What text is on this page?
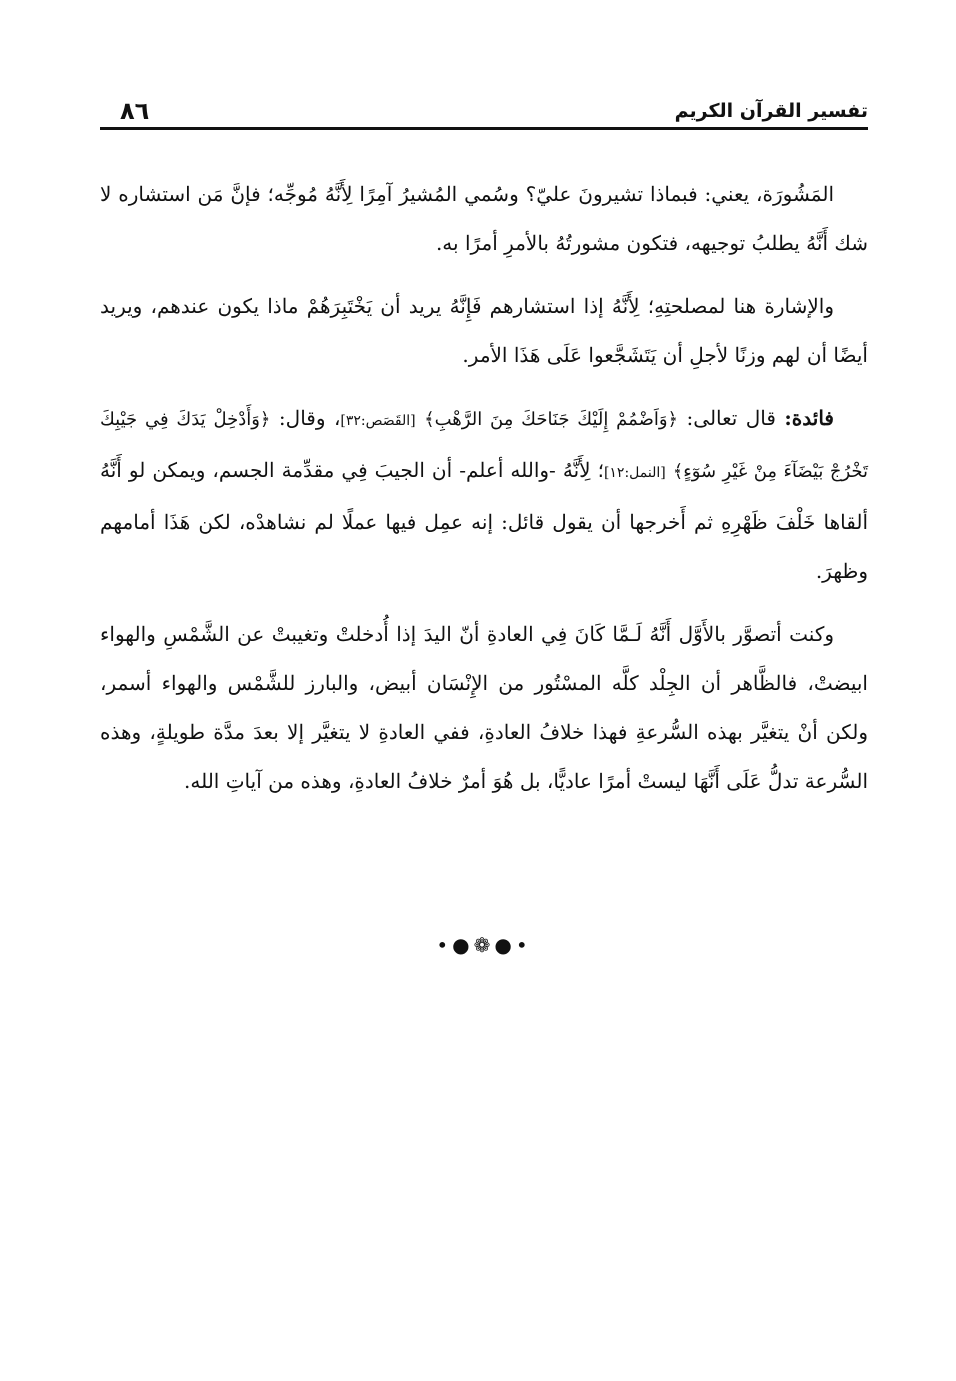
٨٦	تفسير القرآن الكريم

المَشُورَة، يعني: فبماذا تشيرونَ عليّ؟ وسُمي المُشيرُ آمِرًا لِأَنَّهُ مُوجِّه؛ فإنَّ مَن استشاره لا شك أَنَّهُ يطلبُ توجيهه، فتكون مشورتُهُ بالأمرِ أمرًا به.

والإشارة هنا لمصلحتِهِ؛ لِأَنَّهُ إذا استشارهم فَإِنَّهُ يريد أن يَخْتَبِرَهُمْ ماذا يكون عندهم، ويريد أيضًا أن لهم وزنًا لأجلِ أن يَتَشَجَّعوا عَلَى هَذَا الأمر.

فائدة: قال تعالى: ﴿وَاَضْمُمْ إِلَيْكَ جَنَاحَكَ مِنَ الرَّهْبِ﴾ [القَصَص:٣٢]، وقال: ﴿وَأَدْخِلْ يَدَكَ فِي جَيْبِكَ تَخْرُجْ بَيْضَآءَ مِنْ غَيْرِ سُوٓءٍ﴾ [النمل:١٢]؛ لِأَنَّهُ -والله أعلم- أن الجيبَ فِي مقدِّمة الجسم، ويمكن لو أَنَّهُ ألقاها خَلْفَ ظَهْرِهِ ثم أَخرجها أن يقول قائل: إنه عمِل فيها عملًا لم نشاهدْه، لكن هَذَا أمامهم وظهرَ.

وكنت أتصوَّر بالأَوَّل أَنَّهُ لَـمَّا كَانَ فِي العادةِ أنّ اليدَ إذا أُدخلتْ وتغيبتْ عن الشَّمْسِ والهواء ابيضتْ، فالظَّاهر أن الجِلْد كلَّه المسْتُور من الإِنْسَان أبيض، والبارز للشَّمْس والهواء أسمر، ولكن أنْ يتغيَّر بهذه السُّرعةِ فهذا خلافُ العادةِ، ففي العادةِ لا يتغيَّر إلا بعدَ مدَّة طويلةٍ، وهذه السُّرعة تدلُّ عَلَى أَنَّهَا ليستْ أمرًا عاديًّا، بل هُوَ أمرٌ خلافُ العادةِ، وهذه من آياتِ الله.

•●❁●•
